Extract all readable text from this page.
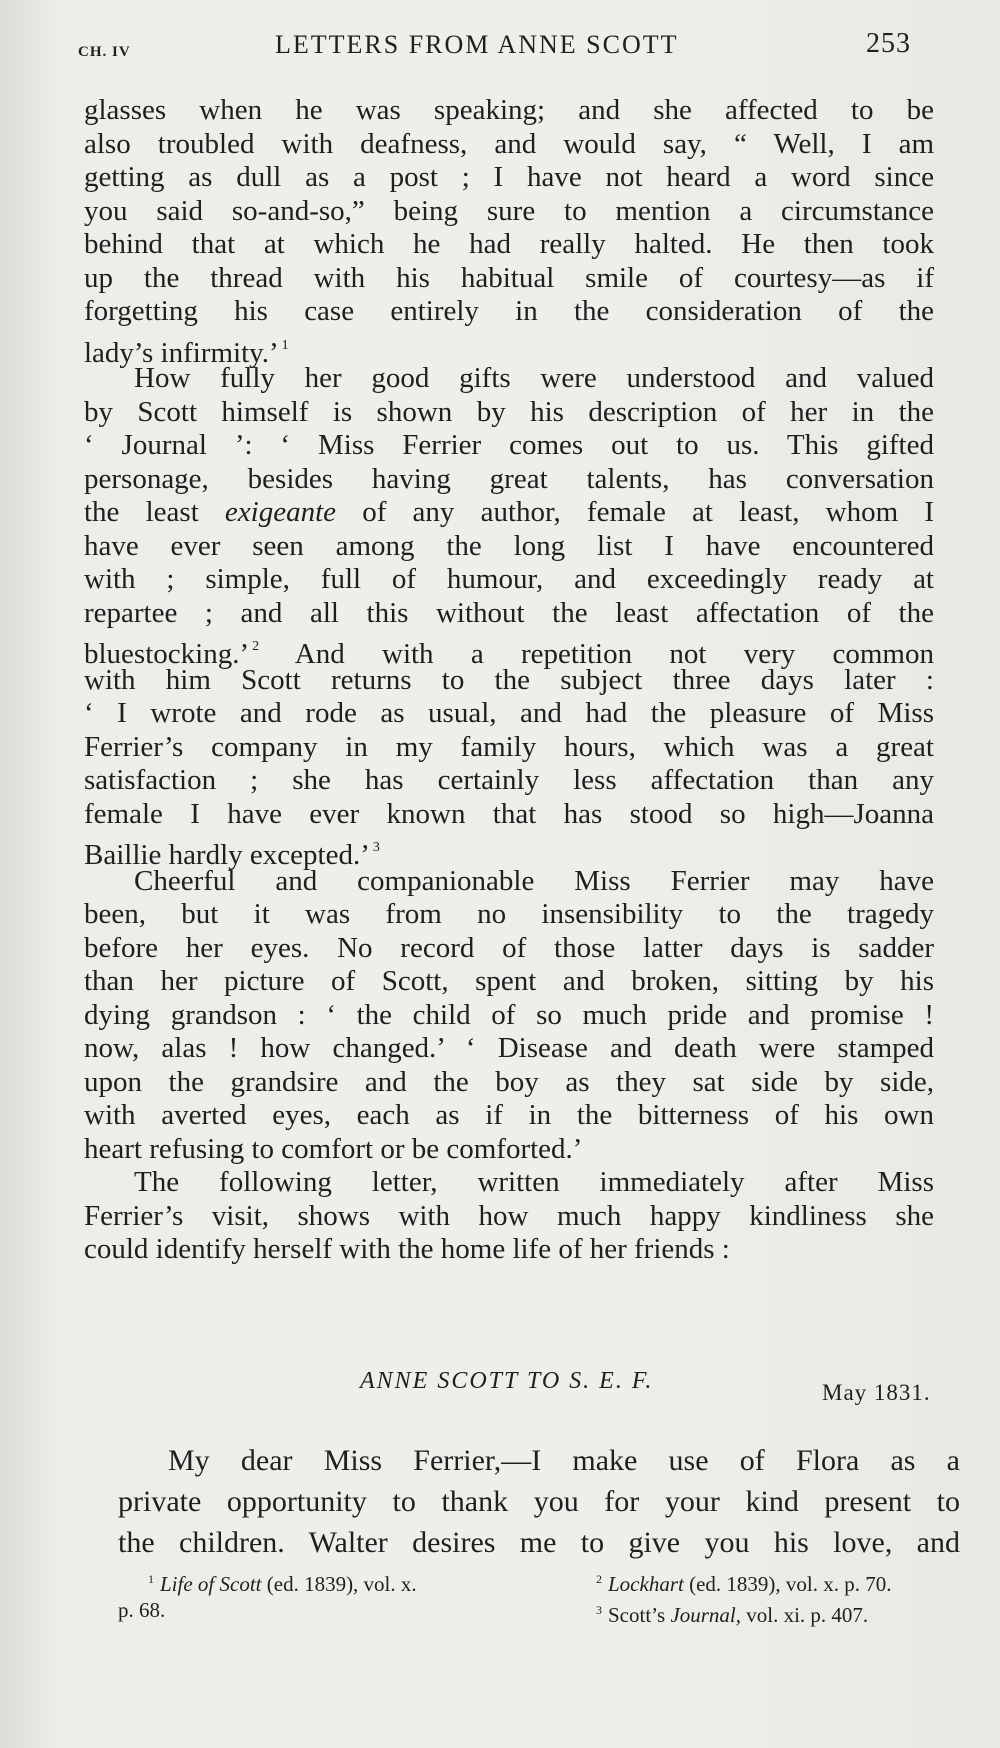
CH. IV	LETTERS FROM ANNE SCOTT	253
glasses when he was speaking; and she affected to be
also troubled with deafness, and would say, “ Well, I am
getting as dull as a post ; I have not heard a word since
you said so-and-so,” being sure to mention a circumstance
behind that at which he had really halted. He then took
up the thread with his habitual smile of courtesy—as if
forgetting his case entirely in the consideration of the
lady’s infirmity.’ $^1$
How fully her good gifts were understood and valued
by Scott himself is shown by his description of her in the
‘ Journal ’: ‘ Miss Ferrier comes out to us. This gifted
personage, besides having great talents, has conversation
the least exigeante of any author, female at least, whom I
have ever seen among the long list I have encountered
with ; simple, full of humour, and exceedingly ready at
repartee ; and all this without the least affectation of the
bluestocking.’ $^2$ And with a repetition not very common
with him Scott returns to the subject three days later :
‘ I wrote and rode as usual, and had the pleasure of Miss
Ferrier’s company in my family hours, which was a great
satisfaction ; she has certainly less affectation than any
female I have ever known that has stood so high—Joanna
Baillie hardly excepted.’ $^3$
Cheerful and companionable Miss Ferrier may have
been, but it was from no insensibility to the tragedy
before her eyes. No record of those latter days is sadder
than her picture of Scott, spent and broken, sitting by his
dying grandson : ‘ the child of so much pride and promise !
now, alas ! how changed.’ ‘ Disease and death were stamped
upon the grandsire and the boy as they sat side by side,
with averted eyes, each as if in the bitterness of his own
heart refusing to comfort or be comforted.’
The following letter, written immediately after Miss
Ferrier’s visit, shows with how much happy kindliness she
could identify herself with the home life of her friends :
ANNE SCOTT TO S. E. F.	May 1831.
My dear Miss Ferrier,—I make use of Flora as a
private opportunity to thank you for your kind present to
the children. Walter desires me to give you his love, and
$^1$ Life of Scott (ed. 1839), vol. x.
p. 68.
$^2$ Lockhart (ed. 1839), vol. x. p. 70.
$^3$ Scott’s Journal, vol. xi. p. 407.
